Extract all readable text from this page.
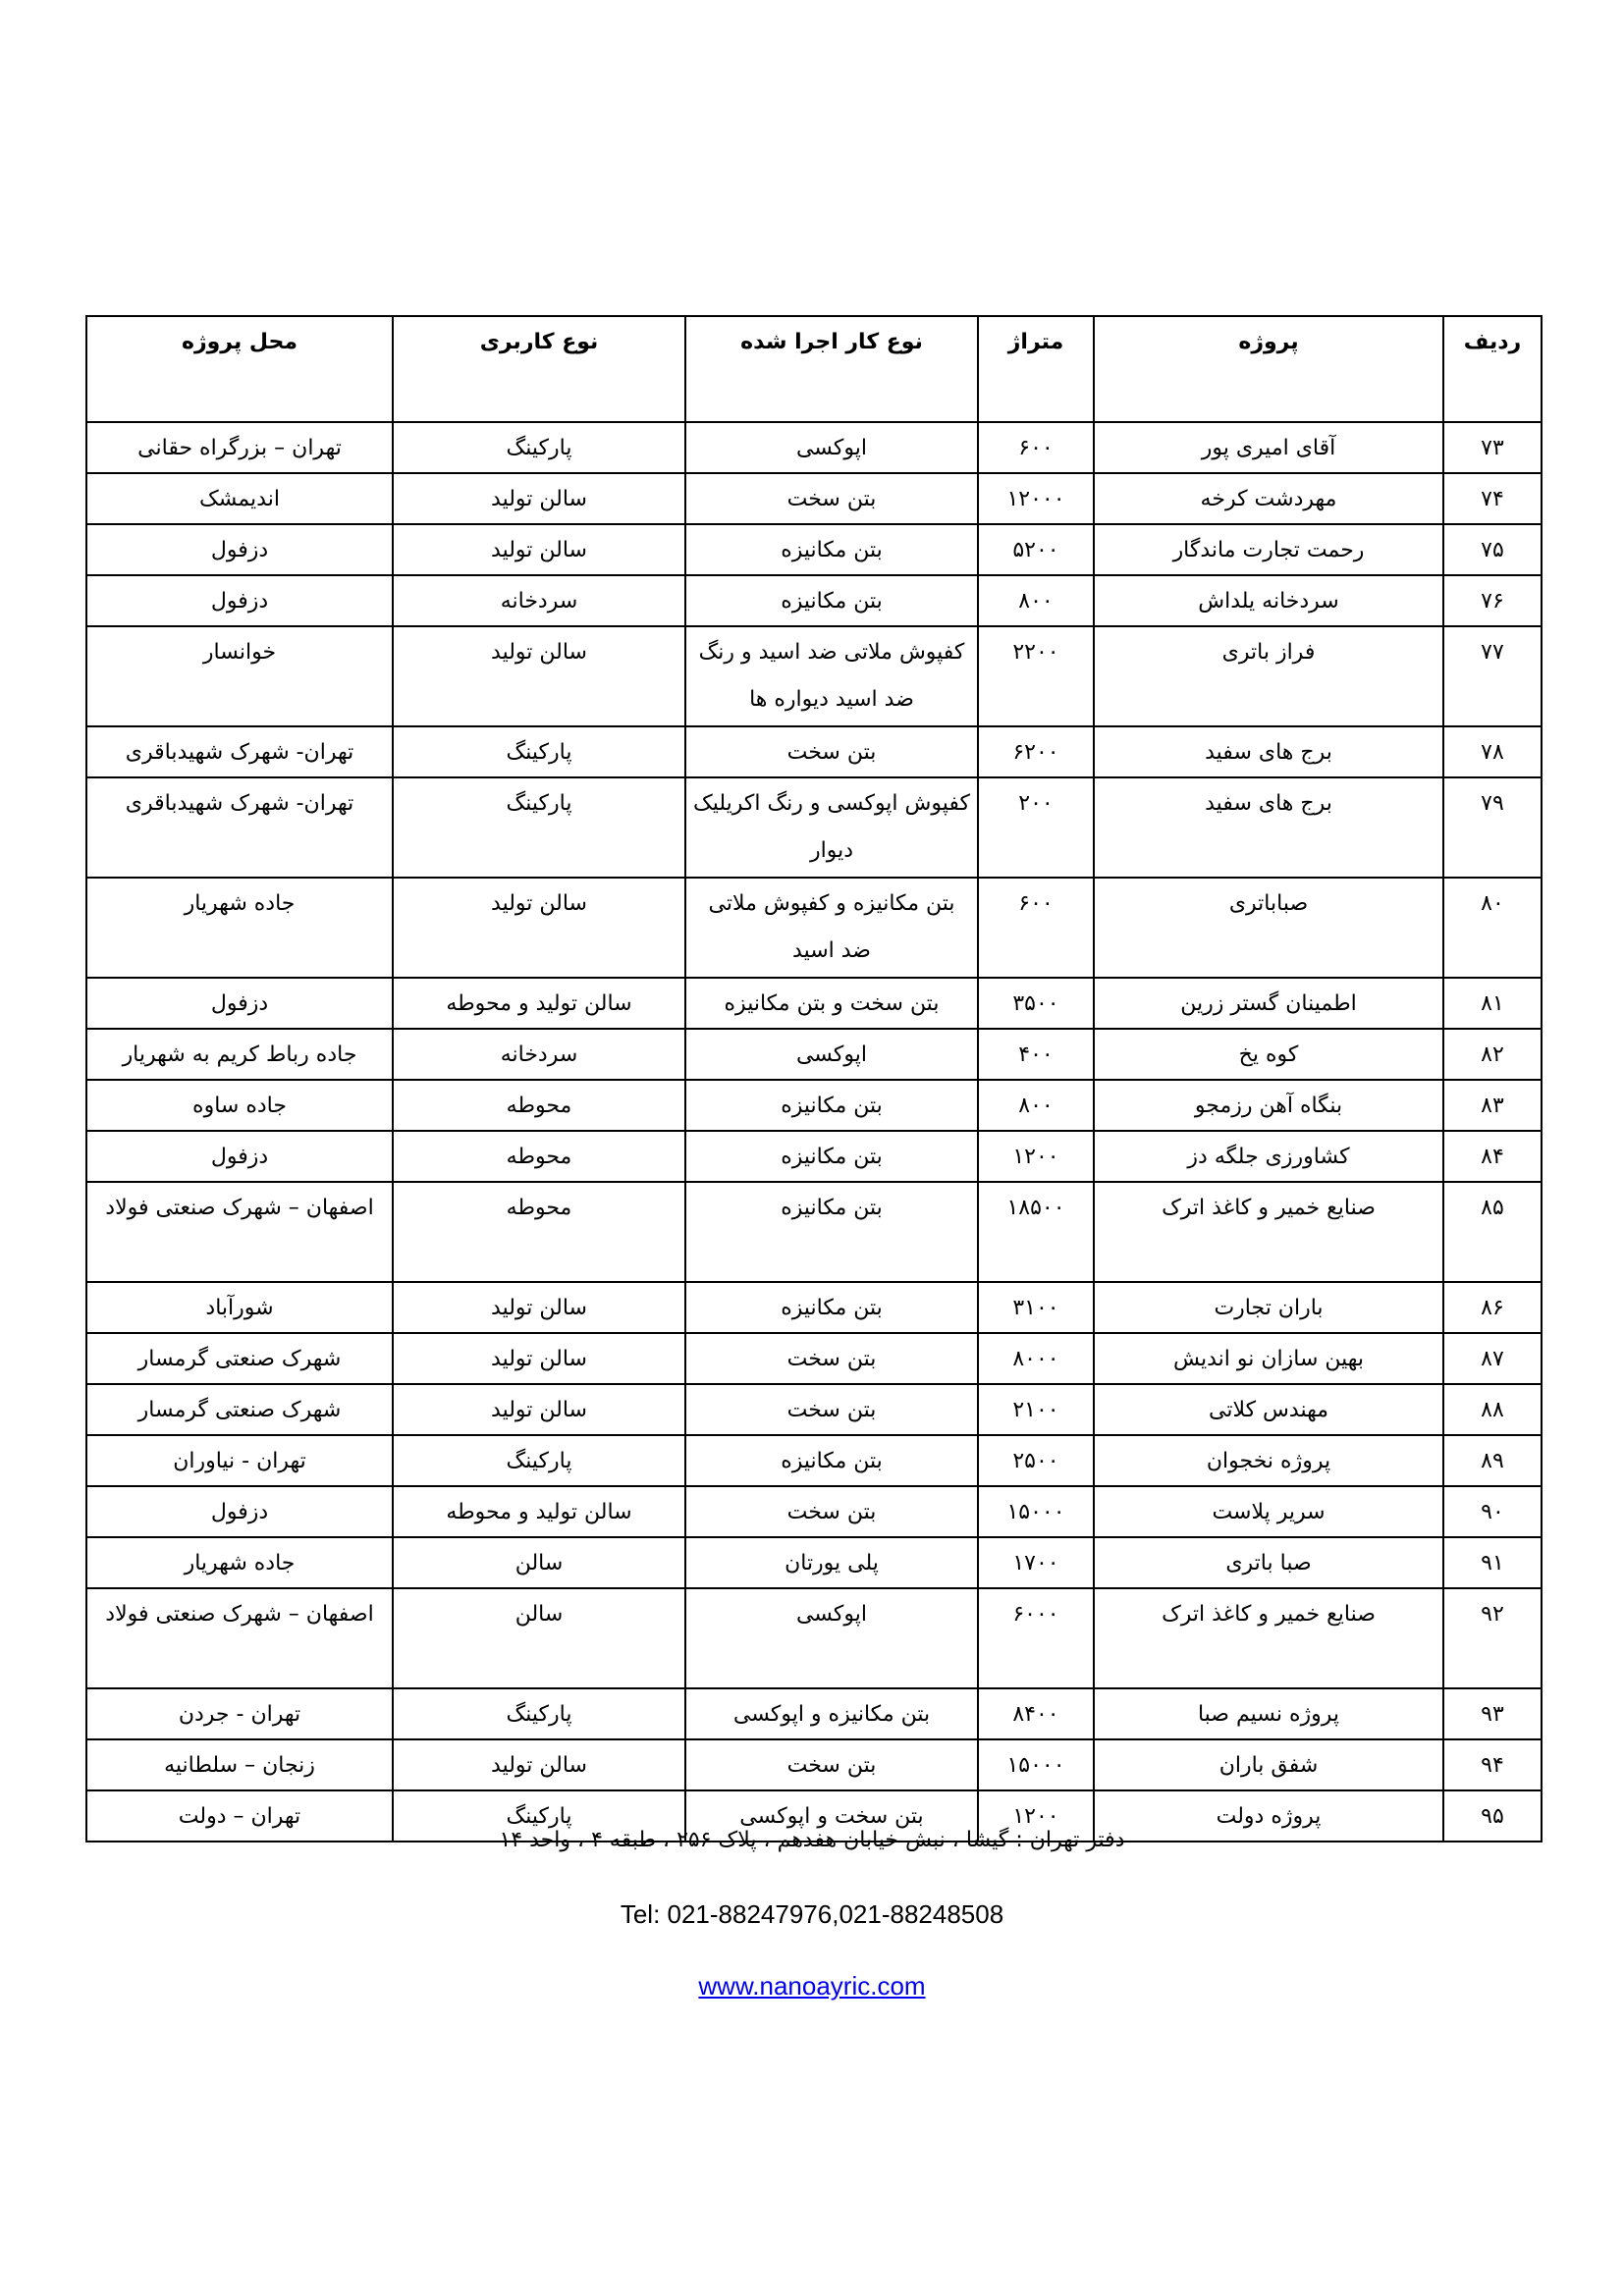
ردیف	پروژه	متراژ	نوع کار اجرا شده	نوع کاربری	محل پروژه
۷۳	آقای امیری پور	۶۰۰	اپوکسی	پارکینگ	تهران – بزرگراه حقانی
۷۴	مهردشت کرخه	۱۲۰۰۰	بتن سخت	سالن تولید	اندیمشک
۷۵	رحمت تجارت ماندگار	۵۲۰۰	بتن مکانیزه	سالن تولید	دزفول
۷۶	سردخانه یلداش	۸۰۰	بتن مکانیزه	سردخانه	دزفول
۷۷	فراز باتری	۲۲۰۰	کفپوش ملاتی ضد اسید و رنگ ضد اسید دیواره ها	سالن تولید	خوانسار
۷۸	برج های سفید	۶۲۰۰	بتن سخت	پارکینگ	تهران- شهرک شهیدباقری
۷۹	برج های سفید	۲۰۰	کفپوش اپوکسی و رنگ اکریلیک دیوار	پارکینگ	تهران- شهرک شهیدباقری
۸۰	صباباتری	۶۰۰	بتن مکانیزه و کفپوش ملاتی ضد اسید	سالن تولید	جاده شهریار
۸۱	اطمینان گستر زرین	۳۵۰۰	بتن سخت و بتن مکانیزه	سالن تولید و محوطه	دزفول
۸۲	کوه یخ	۴۰۰	اپوکسی	سردخانه	جاده رباط کریم به شهریار
۸۳	بنگاه آهن رزمجو	۸۰۰	بتن مکانیزه	محوطه	جاده ساوه
۸۴	کشاورزی جلگه دز	۱۲۰۰	بتن مکانیزه	محوطه	دزفول
۸۵	صنایع خمیر و کاغذ اترک	۱۸۵۰۰	بتن مکانیزه	محوطه	اصفهان – شهرک صنعتی فولاد
۸۶	باران تجارت	۳۱۰۰	بتن مکانیزه	سالن تولید	شورآباد
۸۷	بهین سازان نو اندیش	۸۰۰۰	بتن سخت	سالن تولید	شهرک صنعتی گرمسار
۸۸	مهندس کلاتی	۲۱۰۰	بتن سخت	سالن تولید	شهرک صنعتی گرمسار
۸۹	پروژه نخجوان	۲۵۰۰	بتن مکانیزه	پارکینگ	تهران - نیاوران
۹۰	سریر پلاست	۱۵۰۰۰	بتن سخت	سالن تولید و محوطه	دزفول
۹۱	صبا باتری	۱۷۰۰	پلی یورتان	سالن	جاده شهریار
۹۲	صنایع خمیر و کاغذ اترک	۶۰۰۰	اپوکسی	سالن	اصفهان – شهرک صنعتی فولاد
۹۳	پروژه نسیم صبا	۸۴۰۰	بتن مکانیزه و اپوکسی	پارکینگ	تهران - جردن
۹۴	شفق باران	۱۵۰۰۰	بتن سخت	سالن تولید	زنجان – سلطانیه
۹۵	پروژه دولت	۱۲۰۰	بتن سخت و اپوکسی	پارکینگ	تهران – دولت
دفتر تهران : گیشا ، نبش خیابان هفدهم ، پلاک ۲۵۶ ، طبقه ۴ ، واحد ۱۴
Tel: 021-88247976,021-88248508
www.nanoayric.com
